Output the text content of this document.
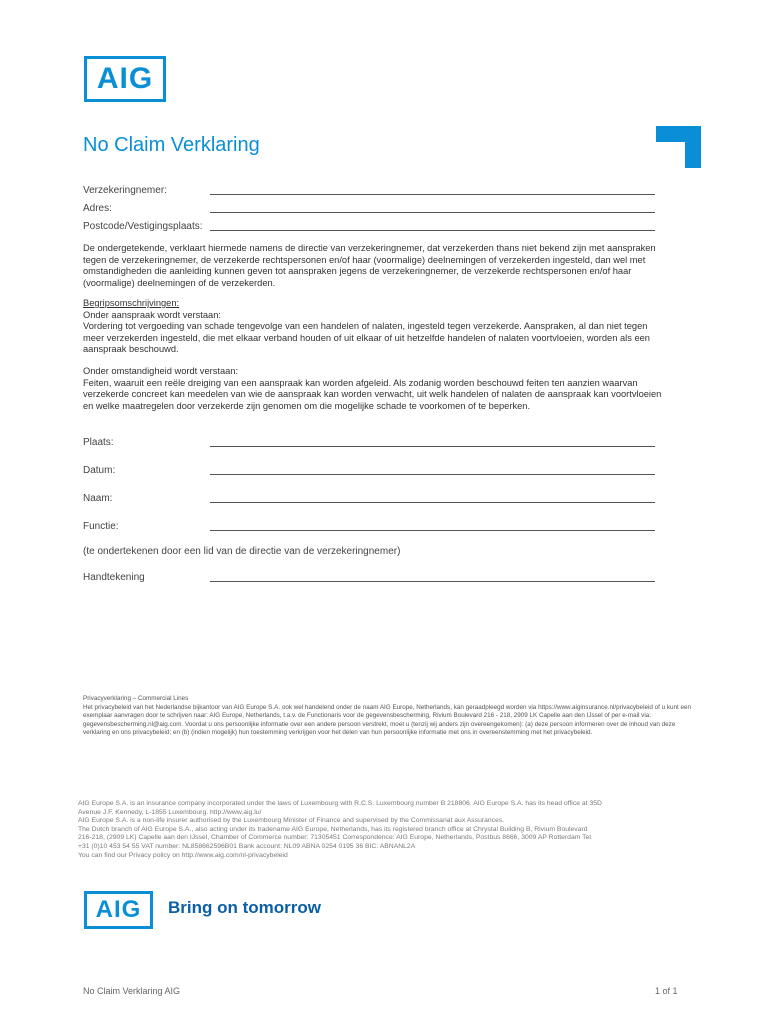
AIG
No Claim Verklaring
Verzekeringnemer:
Adres:
Postcode/Vestigingsplaats:
De ondergetekende, verklaart hiermede namens de directie van verzekeringnemer, dat verzekerden thans niet bekend zijn met aanspraken tegen de verzekeringnemer, de verzekerde rechtspersonen en/of haar (voormalige) deelnemingen of verzekerden ingesteld, dan wel met omstandigheden die aanleiding kunnen geven tot aanspraken jegens de verzekeringnemer, de verzekerde rechtspersonen en/of haar (voormalige) deelnemingen of de verzekerden.
Begripsomschrijvingen:
Onder aanspraak wordt verstaan:
Vordering tot vergoeding van schade tengevolge van een handelen of nalaten, ingesteld tegen verzekerde. Aanspraken, al dan niet tegen meer verzekerden ingesteld, die met elkaar verband houden of uit elkaar of uit hetzelfde handelen of nalaten voortvloeien, worden als een aanspraak beschouwd.
Onder omstandigheid wordt verstaan:
Feiten, waaruit een reële dreiging van een aanspraak kan worden afgeleid. Als zodanig worden beschouwd feiten ten aanzien waarvan verzekerde concreet kan meedelen van wie de aanspraak kan worden verwacht, uit welk handelen of nalaten de aanspraak kan voortvloeien en welke maatregelen door verzekerde zijn genomen om die mogelijke schade te voorkomen of te beperken.
Plaats:
Datum:
Naam:
Functie:
(te ondertekenen door een lid van de directie van de verzekeringnemer)
Handtekening
Privacyverklaring – Commercial Lines
Het privacybeleid van het Nederlandse bijkantoor van AIG Europe S.A. ook wel handelend onder de naam AIG Europe, Netherlands, kan geraadpleegd worden via https://www.aiginsurance.nl/privacybeleid of u kunt een exemplaar aanvragen door te schrijven naar: AIG Europe, Netherlands, t.a.v. de Functionaris voor de gegevensbescherming, Rivium Boulevard 216 - 218, 2909 LK Capelle aan den IJssel of per e-mail via: gegevensbescherming.nl@aig.com. Voordat u ons persoonlijke informatie over een andere persoon verstrekt, moet u (tenzij wij anders zijn overeengekomen): (a) deze persoon informeren over de inhoud van deze verklaring en ons privacybeleid; en (b) (indien mogelijk) hun toestemming verkrijgen voor het delen van hun persoonlijke informatie met ons in overeenstemming met het privacybeleid.
AIG Europe S.A. is an insurance company incorporated under the laws of Luxembourg with R.C.S. Luxembourg number B 218806. AIG Europe S.A. has its head office at 35D
Avenue J.F. Kennedy, L-1855 Luxembourg. http://www.aig.lu/
AIG Europe S.A. is a non-life insurer authorised by the Luxembourg Minister of Finance and supervised by the Commissariat aux Assurances.
The Dutch branch of AIG Europe S.A., also acting under its tradename AIG Europe, Netherlands, has its registered branch office at Chrystal Building B, Rivium Boulevard
216-218, (2909 LK) Capelle aan den IJssel, Chamber of Commerce number: 71305451 Correspondence: AIG Europe, Netherlands, Postbus 8666, 3009 AP Rotterdam Tel.
+31 (0)10 453 54 55 VAT number: NL858662596B01 Bank account: NL09 ABNA 0254 0195 36 BIC: ABNANL2A
You can find our Privacy policy on http://www.aig.com/nl-privacybeleid
AIG	Bring on tomorrow
No Claim Verklaring AIG	1 of 1
